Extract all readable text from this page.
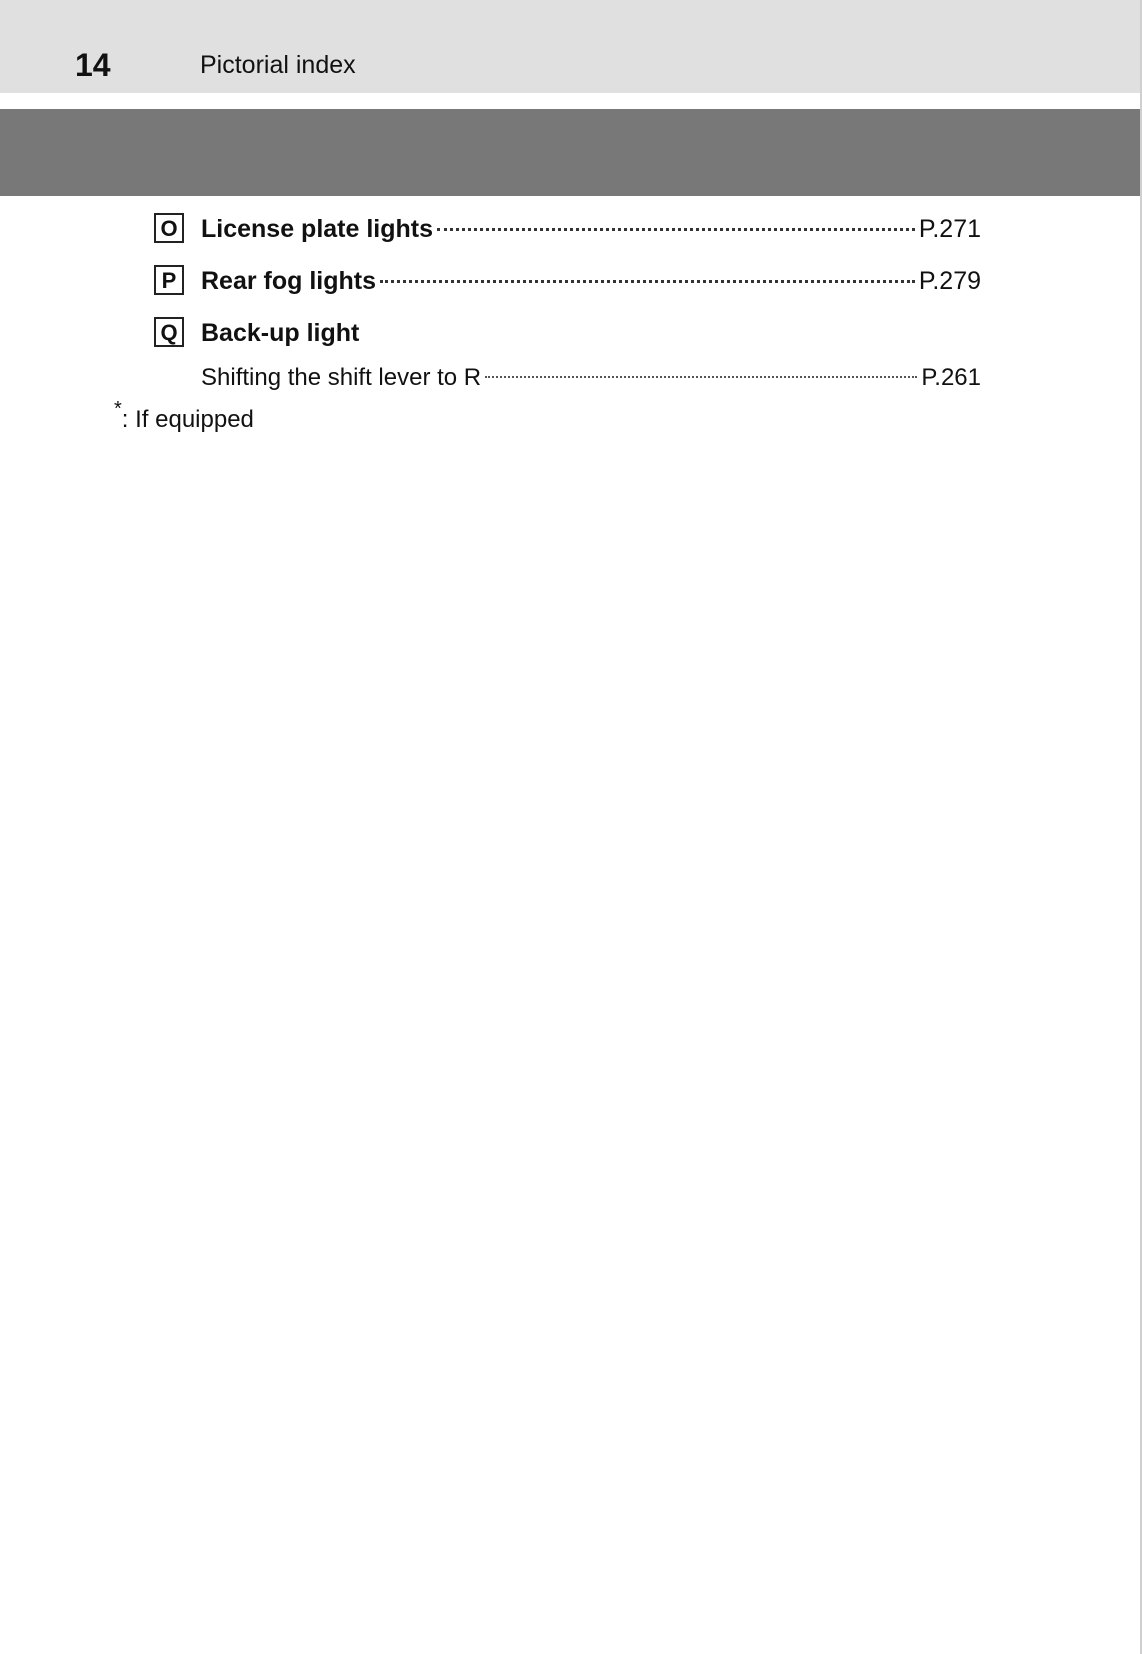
14	Pictorial index
O License plate lights	P.271
P Rear fog lights	P.279
Q Back-up light
Shifting the shift lever to R	P.261
*: If equipped
